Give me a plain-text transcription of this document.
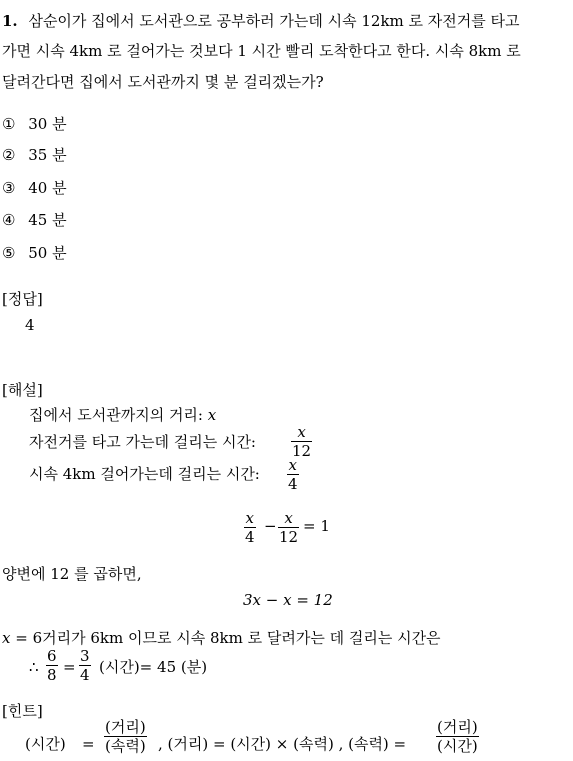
1. 삼순이가 집에서 도서관으로 공부하러 가는데 시속 12km 로 자전거를 타고
가면 시속 4km 로 걸어가는 것보다 1 시간 빨리 도착한다고 한다. 시속 8km 로
달려간다면 집에서 도서관까지 몇 분 걸리겠는가?
① 30 분
② 35 분
③ 40 분
④ 45 분
⑤ 50 분
[정답]
4
[해설]
집에서 도서관까지의 거리: x
자전거를 타고 가는데 걸리는 시간: $\frac{x}{12}$
시속 4km 걸어가는데 걸리는 시간: $\frac{x}{4}$
$\frac{x}{4} - \frac{x}{12} = 1$
양변에 12 를 곱하면,
3x − x = 12
x = 6거리가 6km 이므로 시속 8km 로 달려가는 데 걸리는 시간은
∴ $\frac{6}{8} = \frac{3}{4}$ (시간)= 45 (분)
[힌트]
(시간) =
(거리)
(속력) , (거리) = (시간) × (속력) , (속력) =
(거리)
(시간)
